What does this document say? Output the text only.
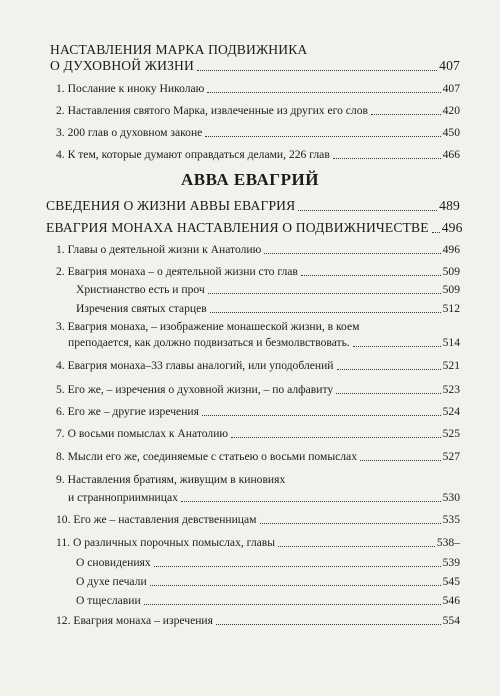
НАСТАВЛЕНИЯ МАРКА ПОДВИЖНИКА
О ДУХОВНОЙ ЖИЗНИ	407
1. Послание к иноку Николаю	407
2. Наставления святого Марка, извлеченные из других его слов	420
3. 200 глав о духовном законе	450
4. К тем, которые думают оправдаться делами, 226 глав	466
АВВА ЕВАГРИЙ
СВЕДЕНИЯ О ЖИЗНИ АВВЫ ЕВАГРИЯ	489
ЕВАГРИЯ МОНАХА НАСТАВЛЕНИЯ О ПОДВИЖНИЧЕСТВЕ 496
1. Главы о деятельной жизни к Анатолию	496
2. Евагрия монаха – о деятельной жизни сто глав	509
Христианство есть и проч	509
Изречения святых старцев	512
3. Евагрия монаха, – изображение монашеской жизни, в коем
преподается, как должно подвизаться и безмолвствовать.	514
4. Евагрия монаха–33 главы аналогий, или уподоблений	521
5. Его же, – изречения о духовной жизни, – по алфавиту	523
6. Его же – другие изречения	524
7. О восьми помыслах к Анатолию	525
8. Мысли его же, соединяемые с статьею о восьми помыслах	527
9. Наставления братиям, живущим в киновиях
и странноприимницах	530
10. Его же – наставления девственницам	535
11. О различных порочных помыслах, главы	538–
О сновидениях	539
О духе печали	545
О тщеславии	546
12. Евагрия монаха – изречения	554
